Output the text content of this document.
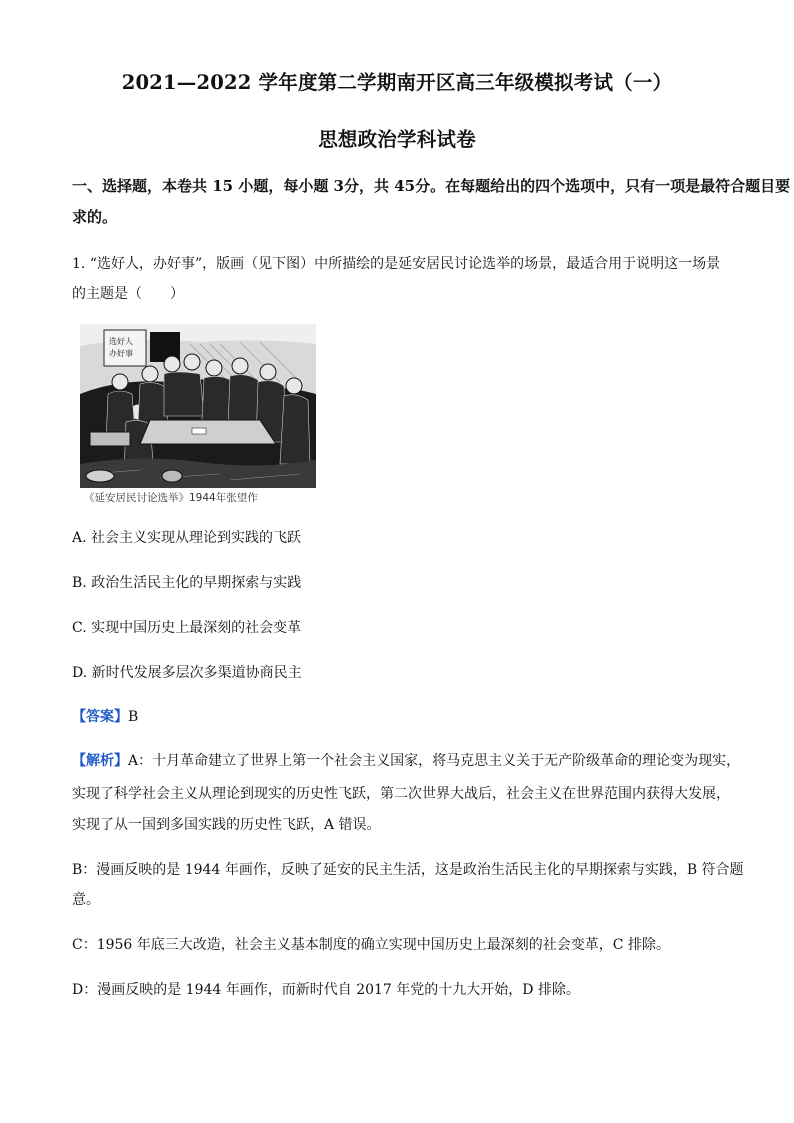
2021—2022 学年度第二学期南开区高三年级模拟考试（一）
思想政治学科试卷
一、选择题，本卷共 15 小题，每小题 3分，共 45分。在每题给出的四个选项中，只有一项是最符合题目要
求的。
1. “选好人，办好事”，版画（见下图）中所描绘的是延安居民讨论选举的场景，最适合用于说明这一场景
的主题是（　　）
选好人
办好事
《延安居民讨论选举》1944年张望作
A. 社会主义实现从理论到实践的飞跃
B. 政治生活民主化的早期探索与实践
C. 实现中国历史上最深刻的社会变革
D. 新时代发展多层次多渠道协商民主
【答案】B
【解析】A：十月革命建立了世界上第一个社会主义国家，将马克思主义关于无产阶级革命的理论变为现实，
实现了科学社会主义从理论到现实的历史性飞跃，第二次世界大战后，社会主义在世界范围内获得大发展，
实现了从一国到多国实践的历史性飞跃，A 错误。
B：漫画反映的是 1944 年画作，反映了延安的民主生活，这是政治生活民主化的早期探索与实践，B 符合题
意。
C：1956 年底三大改造，社会主义基本制度的确立实现中国历史上最深刻的社会变革，C 排除。
D：漫画反映的是 1944 年画作，而新时代自 2017 年党的十九大开始，D 排除。
